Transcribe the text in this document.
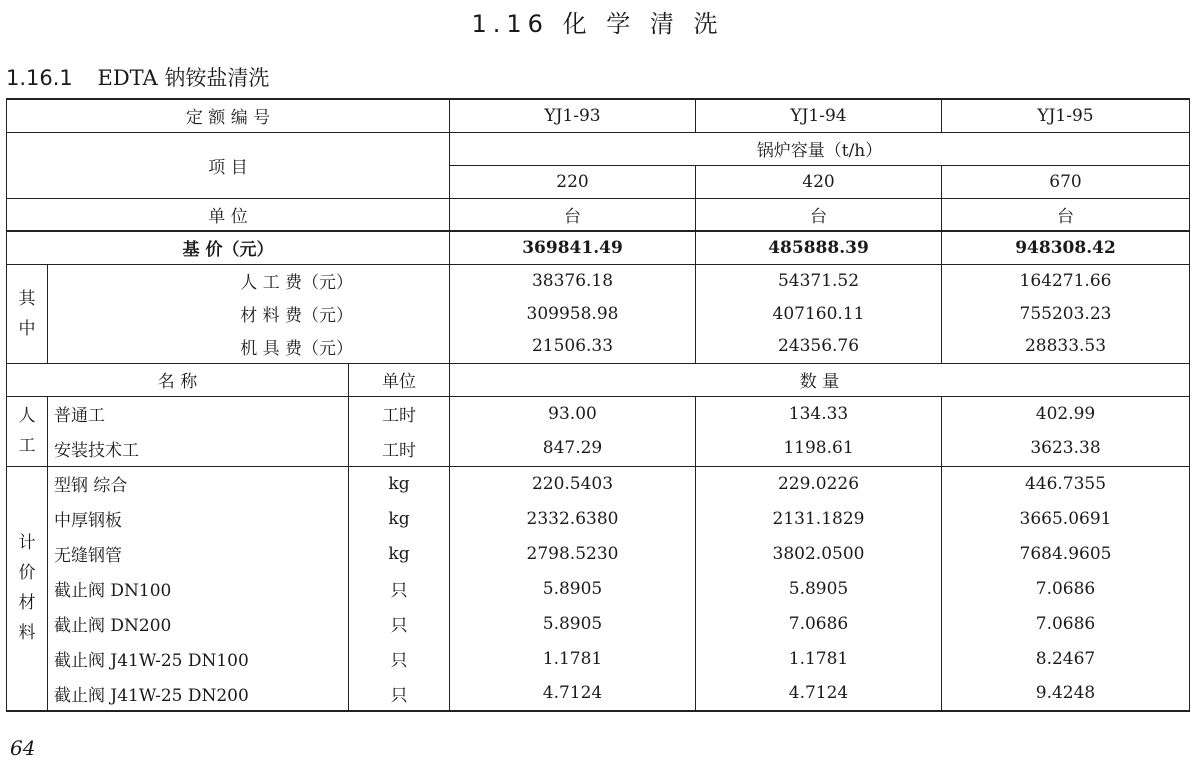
1.16 化 学 清 洗
1.16.1 EDTA 钠铵盐清洗
定 额 编 号			YJ1-93	YJ1-94	YJ1-95
项 目			锅炉容量（t/h）		
			220	420	670
单 位			台	台	台
基 价（元）			369841.49	485888.39	948308.42

其中	人 工 费（元）		38376.18	54371.52	164271.66
	材 料 费（元）		309958.98	407160.11	755203.23
	机 具 费（元）		21506.33	24356.76	28833.53
名 称		单位	数 量		

人工	普通工	工时	93.00	134.33	402.99
	安装技术工	工时	847.29	1198.61	3623.38

计价材料	型钢 综合	kg	220.5403	229.0226	446.7355
	中厚钢板	kg	2332.6380	2131.1829	3665.0691
	无缝钢管	kg	2798.5230	3802.0500	7684.9605
	截止阀 DN100	只	5.8905	5.8905	7.0686
	截止阀 DN200	只	5.8905	7.0686	7.0686
	截止阀 J41W-25 DN100	只	1.1781	1.1781	8.2467
	截止阀 J41W-25 DN200	只	4.7124	4.7124	9.4248
64
